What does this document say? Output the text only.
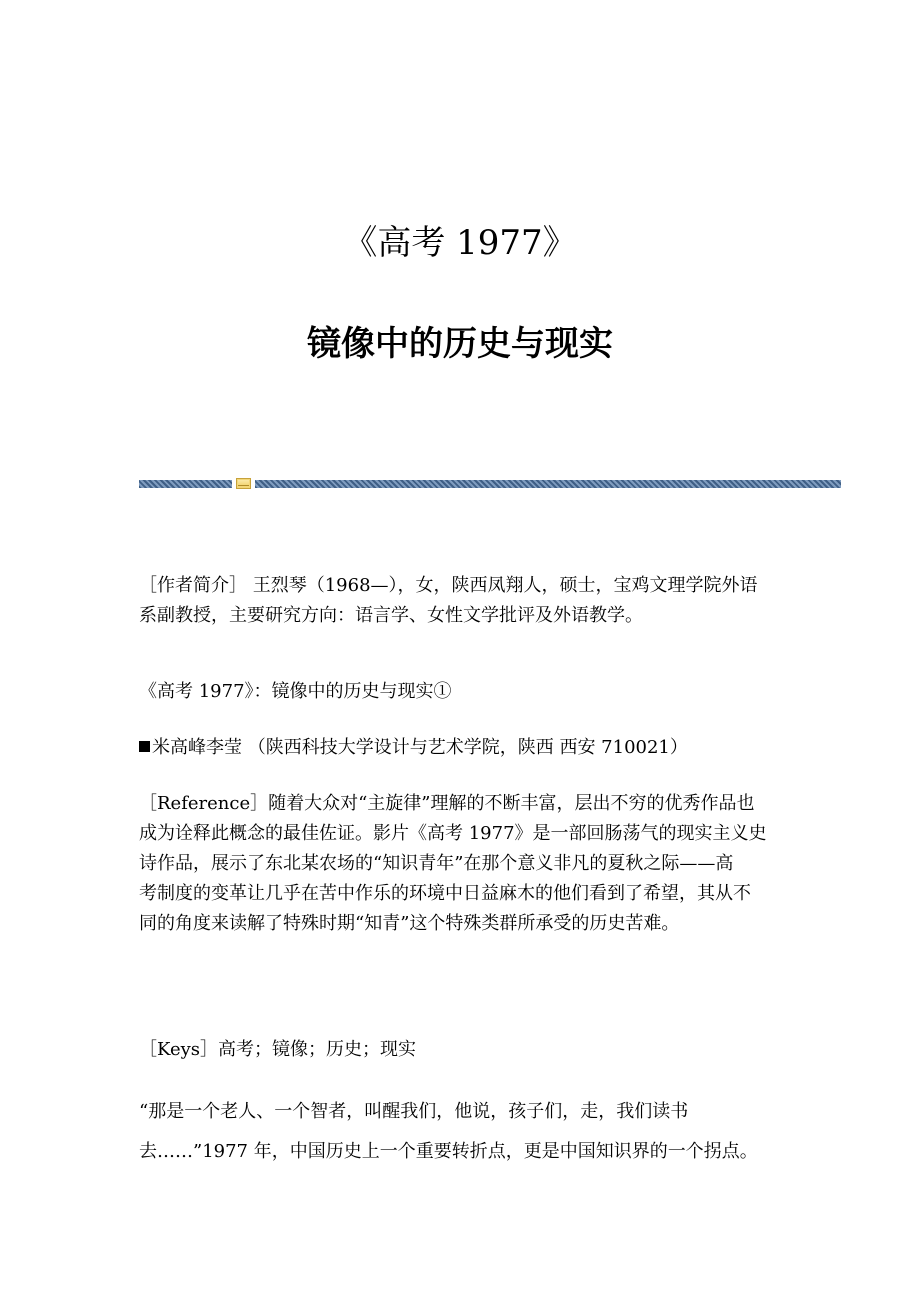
《高考 1977》
镜像中的历史与现实

［作者简介］ 王烈琴（1968—），女，陕西凤翔人，硕士，宝鸡文理学院外语
系副教授，主要研究方向：语言学、女性文学批评及外语教学。

《高考 1977》：镜像中的历史与现实①

米高峰李莹 （陕西科技大学设计与艺术学院，陕西 西安 710021）

［Reference］随着大众对“主旋律”理解的不断丰富，层出不穷的优秀作品也
成为诠释此概念的最佳佐证。影片《高考 1977》是一部回肠荡气的现实主义史
诗作品，展示了东北某农场的“知识青年”在那个意义非凡的夏秋之际——高
考制度的变革让几乎在苦中作乐的环境中日益麻木的他们看到了希望，其从不
同的角度来读解了特殊时期“知青”这个特殊类群所承受的历史苦难。

［Keys］高考；镜像；历史；现实

“那是一个老人、一个智者，叫醒我们，他说，孩子们，走，我们读书
去……”1977 年，中国历史上一个重要转折点，更是中国知识界的一个拐点。
